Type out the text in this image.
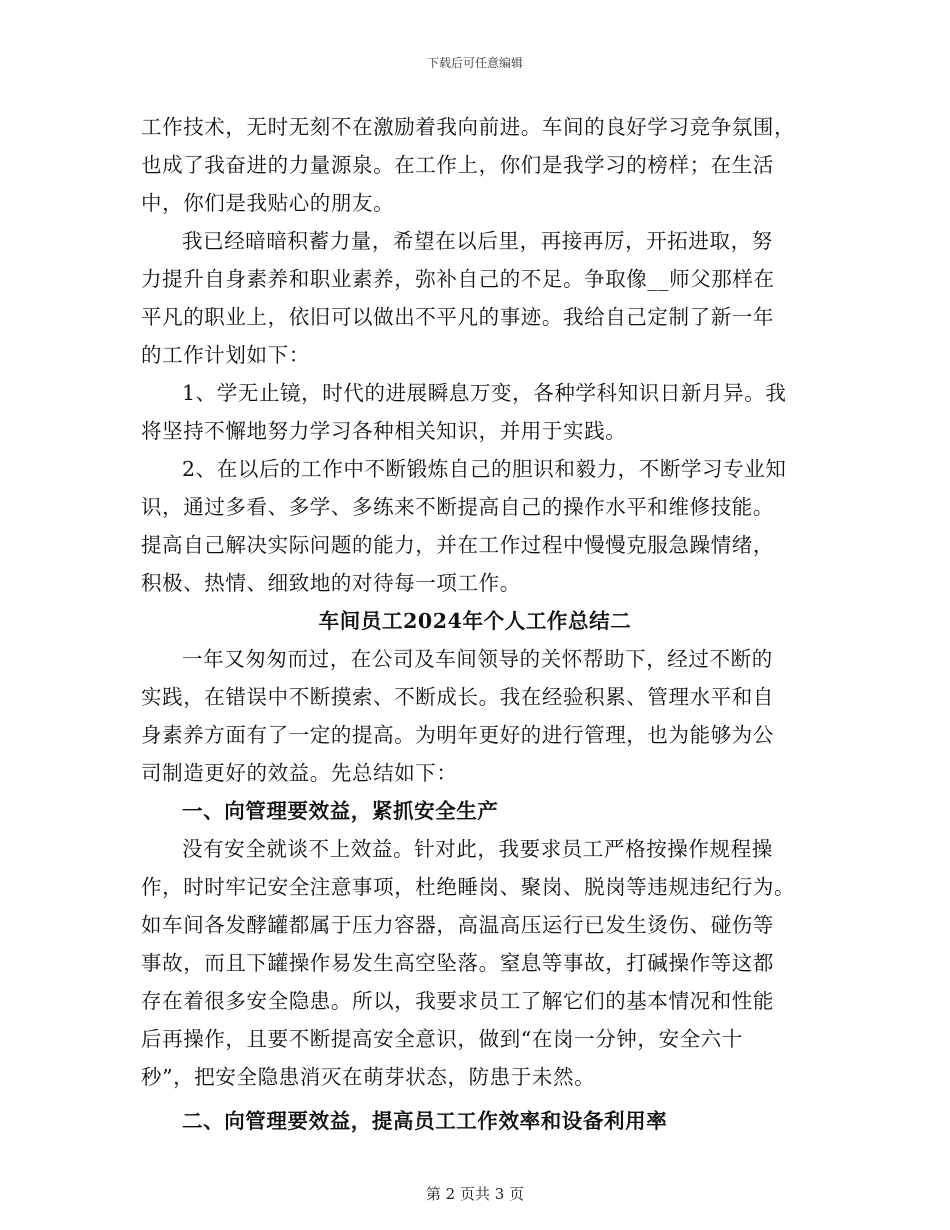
下载后可任意编辑
工作技术，无时无刻不在激励着我向前进。车间的良好学习竞争氛围，
也成了我奋进的力量源泉。在工作上，你们是我学习的榜样；在生活
中，你们是我贴心的朋友。
我已经暗暗积蓄力量，希望在以后里，再接再厉，开拓进取，努
力提升自身素养和职业素养，弥补自己的不足。争取像__师父那样在
平凡的职业上，依旧可以做出不平凡的事迹。我给自己定制了新一年
的工作计划如下：
1、学无止镜，时代的进展瞬息万变，各种学科知识日新月异。我
将坚持不懈地努力学习各种相关知识，并用于实践。
2、在以后的工作中不断锻炼自己的胆识和毅力，不断学习专业知
识，通过多看、多学、多练来不断提高自己的操作水平和维修技能。
提高自己解决实际问题的能力，并在工作过程中慢慢克服急躁情绪，
积极、热情、细致地的对待每一项工作。
车间员工2024年个人工作总结二
一年又匆匆而过，在公司及车间领导的关怀帮助下，经过不断的
实践，在错误中不断摸索、不断成长。我在经验积累、管理水平和自
身素养方面有了一定的提高。为明年更好的进行管理，也为能够为公
司制造更好的效益。先总结如下：
一、向管理要效益，紧抓安全生产
没有安全就谈不上效益。针对此，我要求员工严格按操作规程操
作，时时牢记安全注意事项，杜绝睡岗、聚岗、脱岗等违规违纪行为。
如车间各发酵罐都属于压力容器，高温高压运行已发生烫伤、碰伤等
事故，而且下罐操作易发生高空坠落。窒息等事故，打碱操作等这都
存在着很多安全隐患。所以，我要求员工了解它们的基本情况和性能
后再操作，且要不断提高安全意识，做到“在岗一分钟，安全六十
秒”，把安全隐患消灭在萌芽状态，防患于未然。
二、向管理要效益，提高员工工作效率和设备利用率
第 2 页共 3 页
